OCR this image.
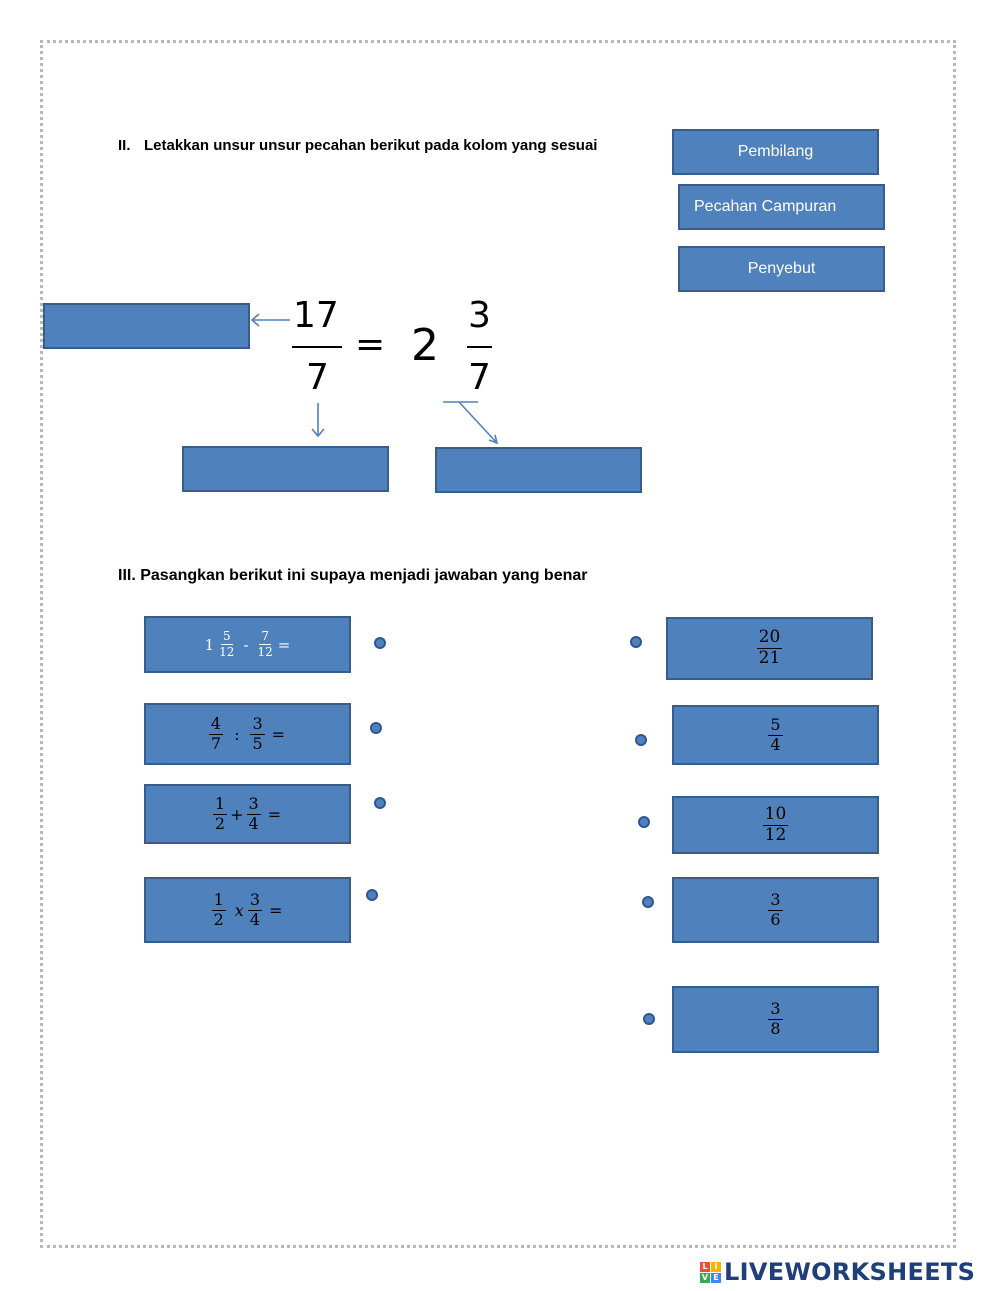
II. Letakkan unsur unsur pecahan berikut pada kolom yang sesuai	Pembilang
Pecahan Campuran
Penyebut
17
7
= 2
3
7
III. Pasangkan berikut ini supaya menjadi jawaban yang benar
$1 \frac{5}{12} - \frac{7}{12}$ =
$\frac{4}{7}$ : $\frac{3}{5}$ =
$\frac{1}{2} + \frac{3}{4}$ =
$\frac{1}{2}$ x $\frac{3}{4}$ =
$\frac{20}{21}$
$\frac{5}{4}$
$\frac{10}{12}$
$\frac{3}{6}$
$\frac{3}{8}$
L I
V E LIVEWORKSHEETS
